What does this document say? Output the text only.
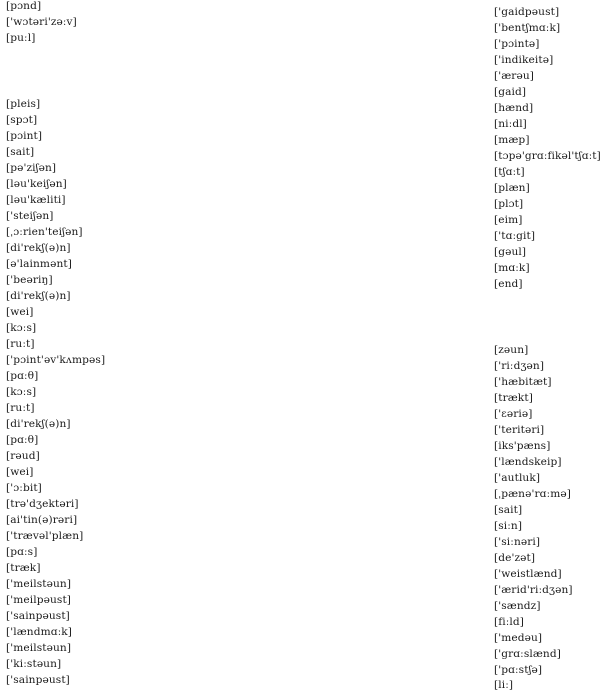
[pɔnd]
['wɔtəri'zəːv]
[puːl]
[pleis]
[spɔt]
[pɔint]
[sait]
[pə'ziʃən]
[ləu'keiʃən]
[ləu'kæliti]
['steiʃən]
[ˌɔːrien'teiʃən]
[di'rekʃ(ə)n]
[ə'lainmənt]
['beəriŋ]
[di'rekʃ(ə)n]
[wei]
[kɔːs]
[ruːt]
['pɔint'əv'kʌmpəs]
[pɑːθ]
[kɔːs]
[ruːt]
[di'rekʃ(ə)n]
[pɑːθ]
[rəud]
[wei]
['ɔːbit]
[trə'dʒektəri]
[ai'tin(ə)rəri]
['trævəl'plæn]
[pɑːs]
[træk]
['meilstəun]
['meilpəust]
['sainpəust]
['lændmɑːk]
['meilstəun]
['kiːstəun]
['sainpəust]
['gaidpəust]
['bentʃmɑːk]
['pɔintə]
['indikeitə]
['ærəu]
[gaid]
[hænd]
[niːdl]
[mæp]
[tɔpə'grɑːfikəl'tʃɑːt]
[tʃɑːt]
[plæn]
[plɔt]
[eim]
['tɑːgit]
[gəul]
[mɑːk]
[end]
[zəun]
['riːdʒən]
['hæbitæt]
[trækt]
['ɛəriə]
['teritəri]
[iks'pæns]
['lændskeip]
['autluk]
[ˌpænə'rɑːmə]
[sait]
[siːn]
['siːnəri]
[de'zət]
['weistlænd]
['ærid'riːdʒən]
['sændz]
[fiːld]
['medəu]
['grɑːslænd]
['pɑːstʃə]
[liː]
